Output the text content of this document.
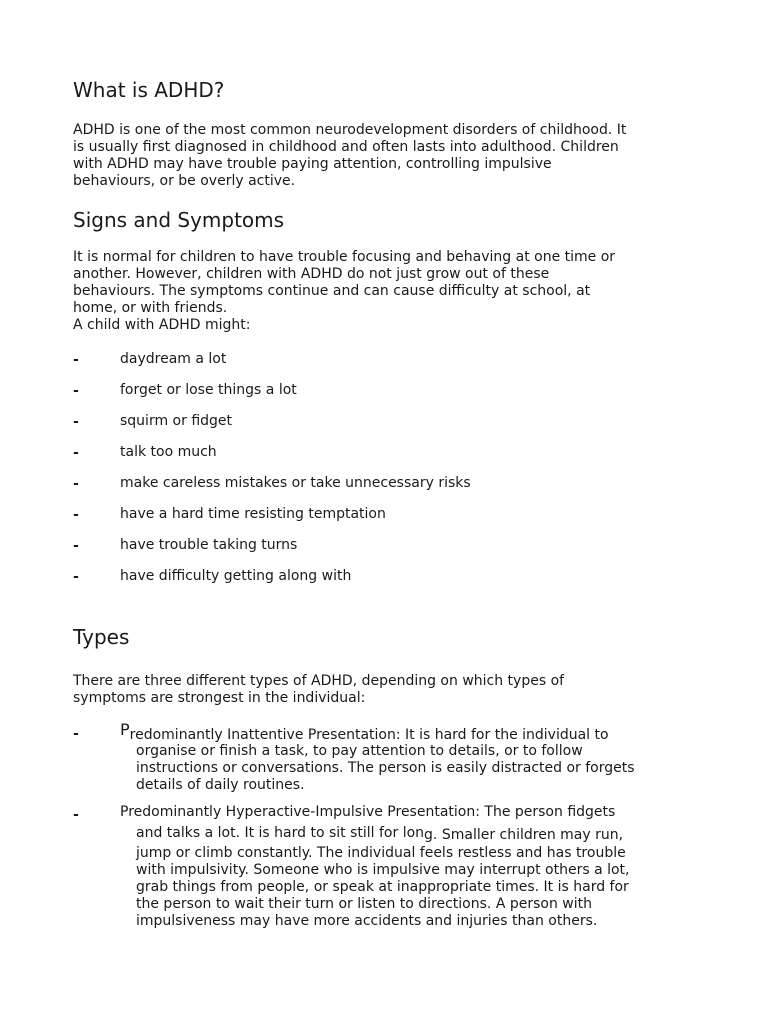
What is ADHD?
ADHD is one of the most common neurodevelopment disorders of childhood. It
is usually first diagnosed in childhood and often lasts into adulthood. Children
with ADHD may have trouble paying attention, controlling impulsive
behaviours, or be overly active.
Signs and Symptoms
It is normal for children to have trouble focusing and behaving at one time or
another. However, children with ADHD do not just grow out of these
behaviours. The symptoms continue and can cause difficulty at school, at
home, or with friends.
A child with ADHD might:
-	daydream a lot
-	forget or lose things a lot
-	squirm or fidget
-	talk too much
-	make careless mistakes or take unnecessary risks
-	have a hard time resisting temptation
-	have trouble taking turns
-	have difficulty getting along with
Types
There are three different types of ADHD, depending on which types of
symptoms are strongest in the individual:
-	Predominantly Inattentive Presentation: It is hard for the individual to
organise or finish a task, to pay attention to details, or to follow
instructions or conversations. The person is easily distracted or forgets
details of daily routines.
-	Predominantly Hyperactive-Impulsive Presentation: The person fidgets
and talks a lot. It is hard to sit still for long. Smaller children may run,
jump or climb constantly. The individual feels restless and has trouble
with impulsivity. Someone who is impulsive may interrupt others a lot,
grab things from people, or speak at inappropriate times. It is hard for
the person to wait their turn or listen to directions. A person with
impulsiveness may have more accidents and injuries than others.
